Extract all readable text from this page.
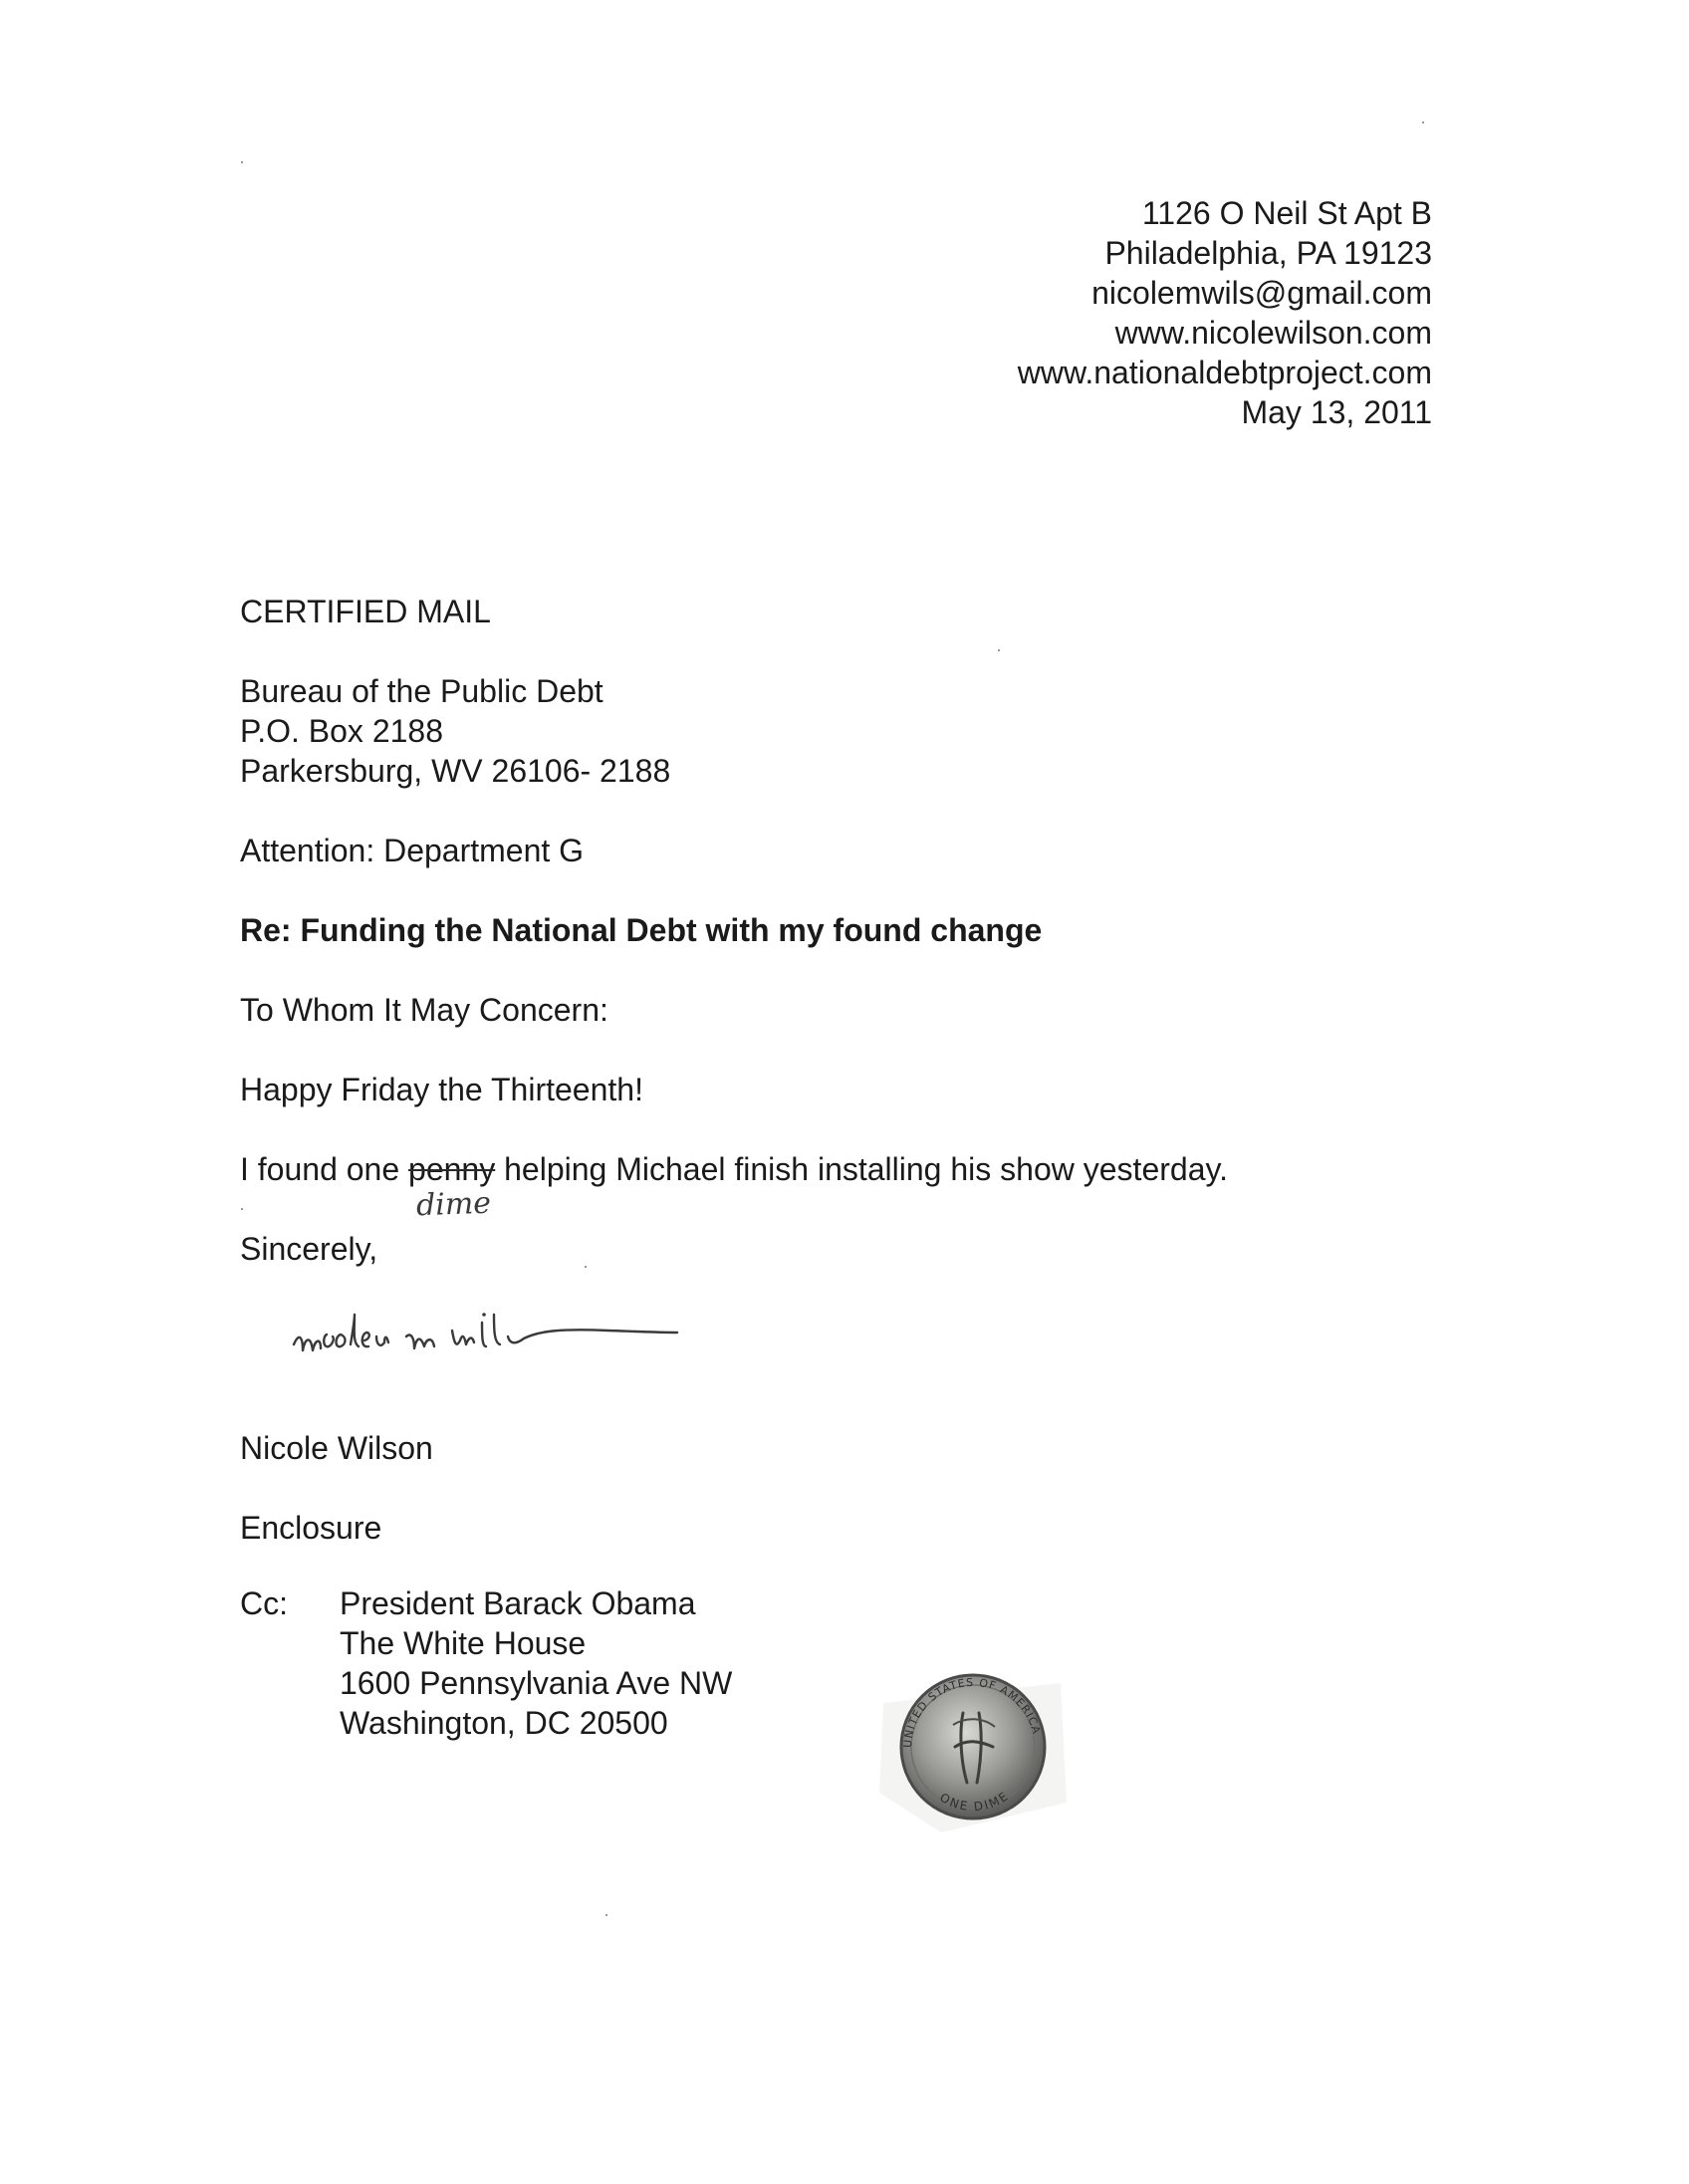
1126 O Neil St Apt B
Philadelphia, PA 19123
nicolemwils@gmail.com
www.nicolewilson.com
www.nationaldebtproject.com
May 13, 2011
CERTIFIED MAIL
Bureau of the Public Debt
P.O. Box 2188
Parkersburg, WV 26106- 2188
Attention: Department G
Re: Funding the National Debt with my found change
To Whom It May Concern:
Happy Friday the Thirteenth!
I found one penny helping Michael finish installing his show yesterday.
dime
Sincerely,
Nicole Wilson
Enclosure
Cc: President Barack Obama
The White House
1600 Pennsylvania Ave NW
Washington, DC 20500
UNITED STATES OF AMERICA
ONE DIME
